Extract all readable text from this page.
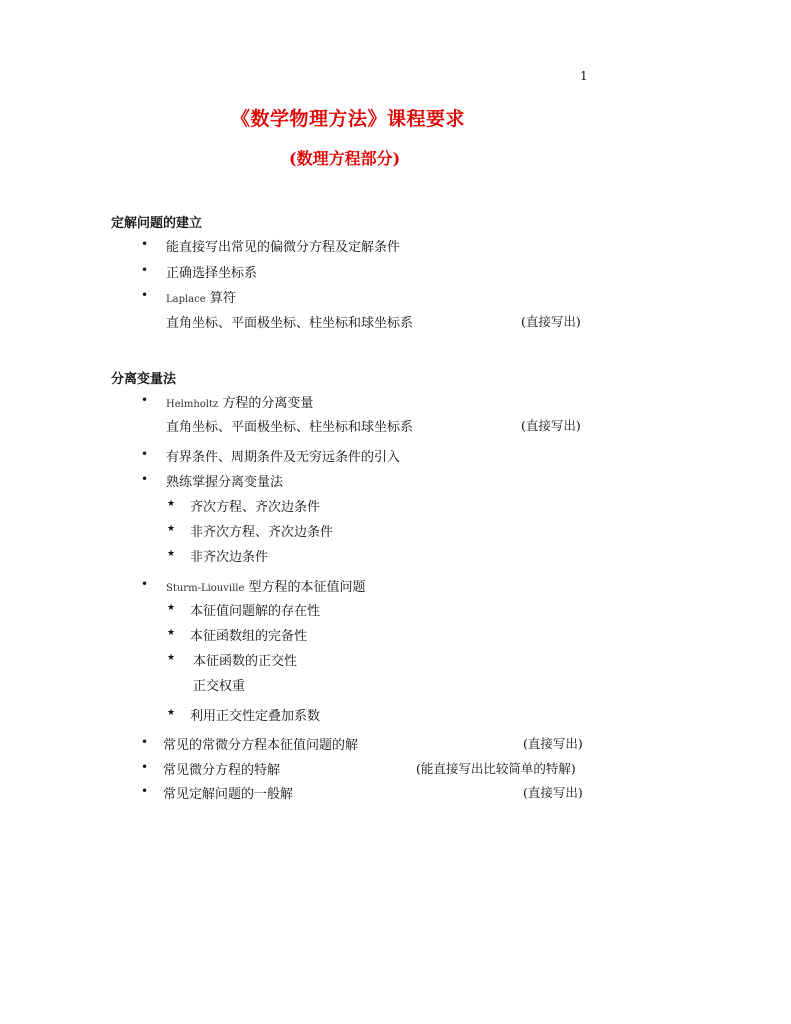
1
《数学物理方法》课程要求
(数理方程部分)
定解问题的建立
• 能直接写出常见的偏微分方程及定解条件
• 正确选择坐标系
• Laplace 算符
直角坐标、平面极坐标、柱坐标和球坐标系	(直接写出)
分离变量法
• Helmholtz 方程的分离变量
直角坐标、平面极坐标、柱坐标和球坐标系	(直接写出)
• 有界条件、周期条件及无穷远条件的引入
• 熟练掌握分离变量法
★ 齐次方程、齐次边条件
★ 非齐次方程、齐次边条件
★ 非齐次边条件
• Sturm-Liouville 型方程的本征值问题
★ 本征值问题解的存在性
★ 本征函数组的完备性
★ 本征函数的正交性
正交权重
★ 利用正交性定叠加系数
• 常见的常微分方程本征值问题的解	(直接写出)
• 常见微分方程的特解	(能直接写出比较简单的特解)
• 常见定解问题的一般解	(直接写出)
